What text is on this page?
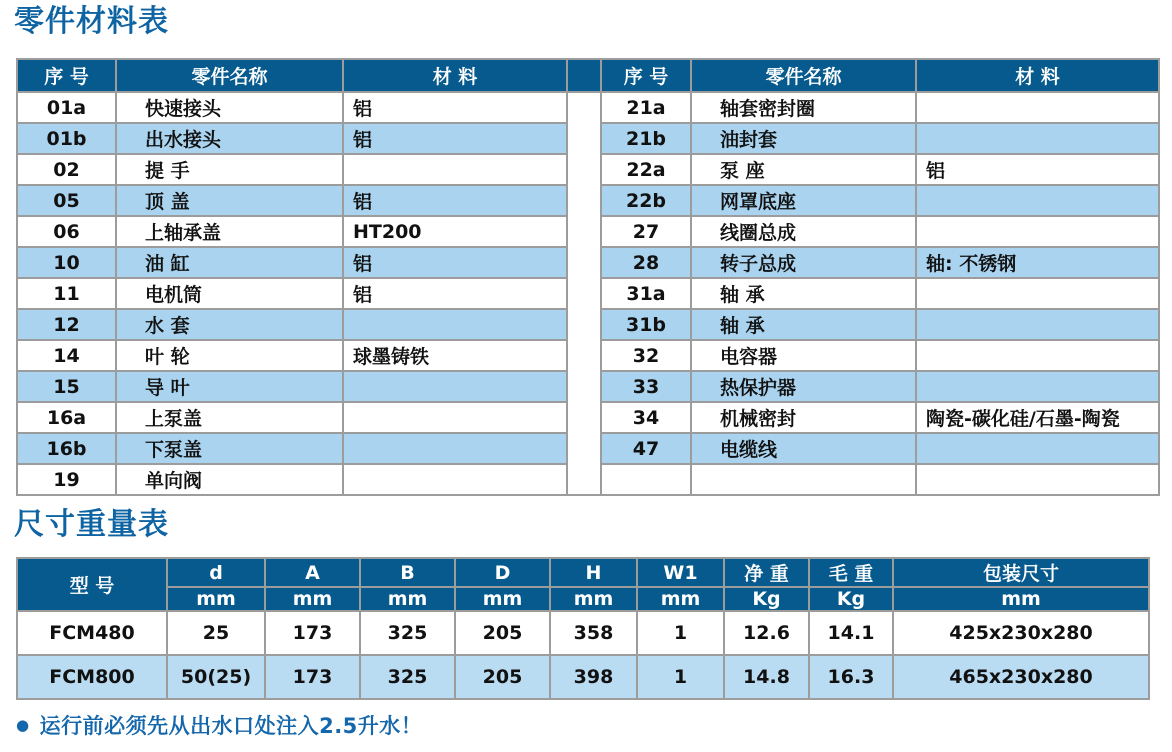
零件材料表
序 号	零件名称	材 料		序 号	零件名称	材 料
01a	快速接头	铝		21a	轴套密封圈	
01b	出水接头	铝		21b	油封套	
02	提 手			22a	泵 座	铝
05	顶 盖	铝		22b	网罩底座	
06	上轴承盖	HT200		27	线圈总成	
10	油 缸	铝		28	转子总成	轴: 不锈钢
11	电机筒	铝		31a	轴 承	
12	水 套			31b	轴 承	
14	叶 轮	球墨铸铁		32	电容器	
15	导 叶			33	热保护器	
16a	上泵盖			34	机械密封	陶瓷-碳化硅/石墨-陶瓷
16b	下泵盖			47	电缆线	
19	单向阀					
尺寸重量表
型 号	d	A	B	D	H	W1	净 重	毛 重	包装尺寸
	mm	mm	mm	mm	mm	mm	Kg	Kg	mm
FCM480	25	173	325	205	358	1	12.6	14.1	425x230x280
FCM800	50(25)	173	325	205	398	1	14.8	16.3	465x230x280
● 运行前必须先从出水口处注入2.5升水！
